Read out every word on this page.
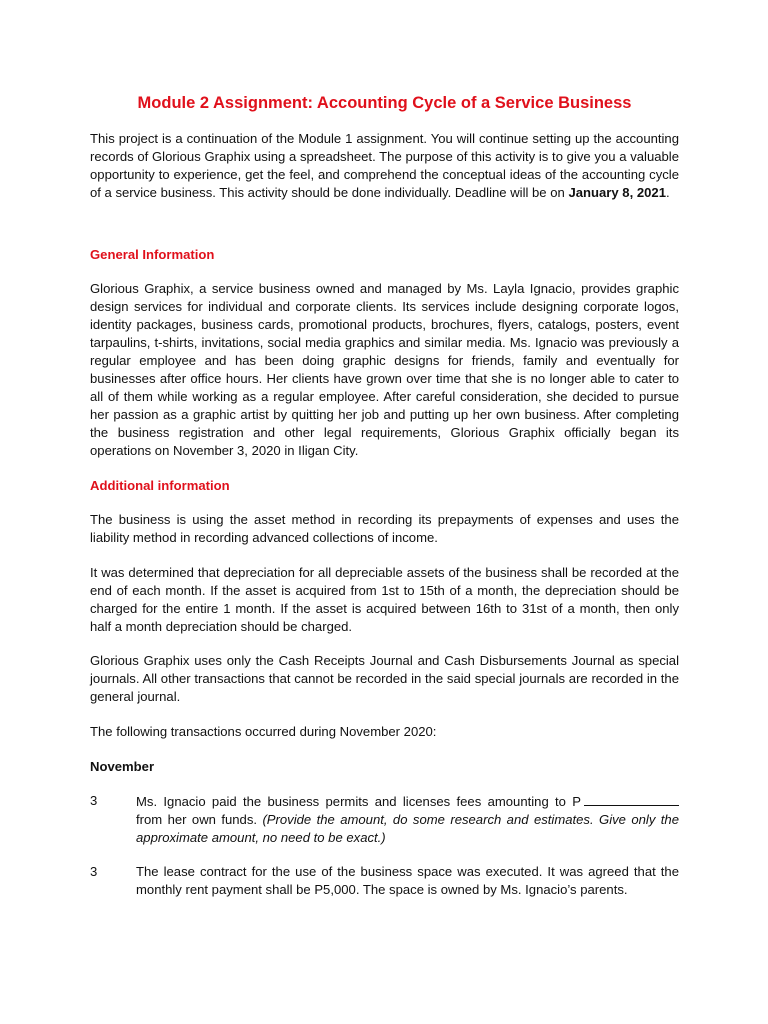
Module 2 Assignment: Accounting Cycle of a Service Business

This project is a continuation of the Module 1 assignment. You will continue setting up the accounting records of Glorious Graphix using a spreadsheet. The purpose of this activity is to give you a valuable opportunity to experience, get the feel, and comprehend the conceptual ideas of the accounting cycle of a service business. This activity should be done individually. Deadline will be on January 8, 2021.

General Information

Glorious Graphix, a service business owned and managed by Ms. Layla Ignacio, provides graphic design services for individual and corporate clients. Its services include designing corporate logos, identity packages, business cards, promotional products, brochures, flyers, catalogs, posters, event tarpaulins, t-shirts, invitations, social media graphics and similar media. Ms. Ignacio was previously a regular employee and has been doing graphic designs for friends, family and eventually for businesses after office hours. Her clients have grown over time that she is no longer able to cater to all of them while working as a regular employee. After careful consideration, she decided to pursue her passion as a graphic artist by quitting her job and putting up her own business. After completing the business registration and other legal requirements, Glorious Graphix officially began its operations on November 3, 2020 in Iligan City.

Additional information

The business is using the asset method in recording its prepayments of expenses and uses the liability method in recording advanced collections of income.

It was determined that depreciation for all depreciable assets of the business shall be recorded at the end of each month. If the asset is acquired from 1st to 15th of a month, the depreciation should be charged for the entire 1 month. If the asset is acquired between 16th to 31st of a month, then only half a month depreciation should be charged.

Glorious Graphix uses only the Cash Receipts Journal and Cash Disbursements Journal as special journals. All other transactions that cannot be recorded in the said special journals are recorded in the general journal.

The following transactions occurred during November 2020:

November
3	Ms. Ignacio paid the business permits and licenses fees amounting to P from her own funds. (Provide the amount, do some research and estimates. Give only the approximate amount, no need to be exact.)
3	The lease contract for the use of the business space was executed. It was agreed that the monthly rent payment shall be P5,000. The space is owned by Ms. Ignacio’s parents.
